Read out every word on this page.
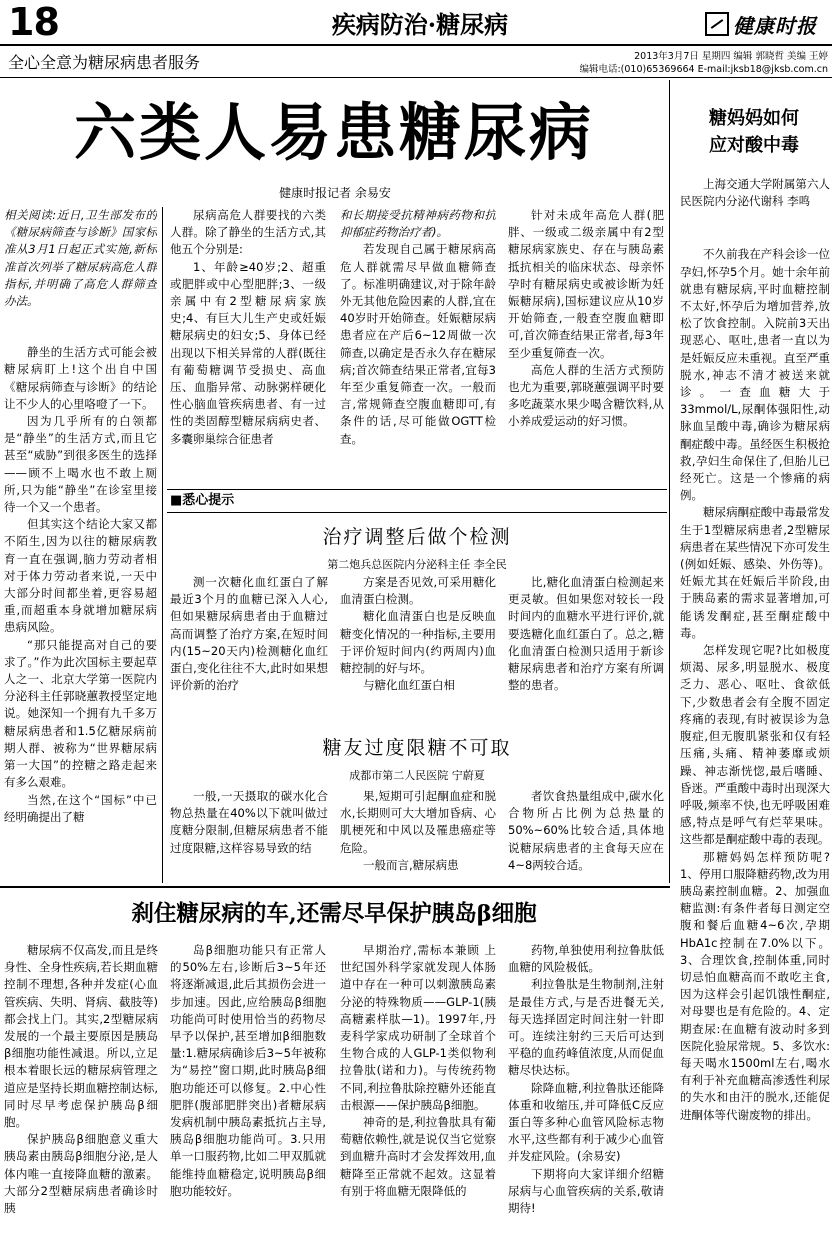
18	疾病防治·糖尿病	健康时报
全心全意为糖尿病患者服务	2013年3月7日 星期四 编辑 郭晓哲 美编 王婷
编辑电话:(010)65369664 E-mail:jksb18@jksb.com.cn
六类人易患糖尿病
健康时报记者 余易安

相关阅读:近日,卫生部发布的《糖尿病筛查与诊断》国家标准从3月1日起正式实施,新标准首次列举了糖尿病高危人群指标,并明确了高危人群筛查办法。

静坐的生活方式可能会被糖尿病盯上!这个出自中国《糖尿病筛查与诊断》的结论让不少人的心里咯噔了一下。

因为几乎所有的白领都是“静坐”的生活方式,而且它甚至“威胁”到很多医生的选择——顾不上喝水也不敢上厕所,只为能“静坐”在诊室里接待一个又一个患者。

但其实这个结论大家又都不陌生,因为以往的糖尿病教育一直在强调,脑力劳动者相对于体力劳动者来说,一天中大部分时间都坐着,更容易超重,而超重本身就增加糖尿病患病风险。

“那只能提高对自己的要求了。”作为此次国标主要起草人之一、北京大学第一医院内分泌科主任郭晓蕙教授坚定地说。她深知一个拥有九千多万糖尿病患者和1.5亿糖尿病前期人群、被称为“世界糖尿病第一大国”的控糖之路走起来有多么艰难。

当然,在这个“国标”中已经明确提出了糖

尿病高危人群要找的六类人群。除了静坐的生活方式,其他五个分别是:

1、年龄≥40岁;2、超重或肥胖或中心型肥胖;3、一级亲属中有2型糖尿病家族史;4、有巨大儿生产史或妊娠糖尿病史的妇女;5、身体已经出现以下相关异常的人群(既往有葡萄糖调节受损史、高血压、血脂异常、动脉粥样硬化性心脑血管疾病患者、有一过性的类固醇型糖尿病病史者、多囊卵巢综合征患者

和长期接受抗精神病药物和抗抑郁症药物治疗者)。

若发现自己属于糖尿病高危人群就需尽早做血糖筛查了。标准明确建议,对于除年龄外无其他危险因素的人群,宜在40岁时开始筛查。妊娠糖尿病患者应在产后6~12周做一次筛查,以确定是否永久存在糖尿病;首次筛查结果正常者,宜每3年至少重复筛查一次。一般而言,常规筛查空腹血糖即可,有条件的话,尽可能做OGTT检查。

针对未成年高危人群(肥胖、一级或二级亲属中有2型糖尿病家族史、存在与胰岛素抵抗相关的临床状态、母亲怀孕时有糖尿病史或被诊断为妊娠糖尿病),国标建议应从10岁开始筛查,一般查空腹血糖即可,首次筛查结果正常者,每3年至少重复筛查一次。

高危人群的生活方式预防也尤为重要,郭晓蕙强调平时要多吃蔬菜水果少喝含糖饮料,从小养成爱运动的好习惯。

糖妈妈如何
应对酸中毒

上海交通大学附属第六人民医院内分泌代谢科 李鸣

不久前我在产科会诊一位孕妇,怀孕5个月。她十余年前就患有糖尿病,平时血糖控制不太好,怀孕后为增加营养,放松了饮食控制。入院前3天出现恶心、呕吐,患者一直以为是妊娠反应未重视。直至严重脱水,神志不清才被送来就诊。一查血糖大于33mmol/L,尿酮体强阳性,动脉血呈酸中毒,确诊为糖尿病酮症酸中毒。虽经医生积极抢救,孕妇生命保住了,但胎儿已经死亡。这是一个惨痛的病例。

糖尿病酮症酸中毒最常发生于1型糖尿病患者,2型糖尿病患者在某些情况下亦可发生(例如妊娠、感染、外伤等)。妊娠尤其在妊娠后半阶段,由于胰岛素的需求显著增加,可能诱发酮症,甚至酮症酸中毒。

怎样发现它呢?比如极度烦渴、尿多,明显脱水、极度乏力、恶心、呕吐、食欲低下,少数患者会有全腹不固定疼痛的表现,有时被误诊为急腹症,但无腹肌紧张和仅有轻压痛,头痛、精神萎靡或烦躁、神志渐恍惚,最后嗜睡、昏迷。严重酸中毒时出现深大呼吸,频率不快,也无呼吸困难感,特点是呼气有烂苹果味。这些都是酮症酸中毒的表现。

那糖妈妈怎样预防呢?1、停用口服降糖药物,改为用胰岛素控制血糖。2、加强血糖监测:有条件者每日测定空腹和餐后血糖4~6次,孕期HbA1c控制在7.0%以下。3、合理饮食,控制体重,同时切忌怕血糖高而不敢吃主食,因为这样会引起饥饿性酮症,对母婴也是有危险的。4、定期查尿:在血糖有波动时多到医院化验尿常规。5、多饮水:每天喝水1500ml左右,喝水有利于补充血糖高渗透性利尿的失水和由汗的脱水,还能促进酮体等代谢废物的排出。

■悉心提示
治疗调整后做个检测
第二炮兵总医院内分泌科主任 李全民

测一次糖化血红蛋白了解最近3个月的血糖已深入人心,但如果糖尿病患者由于血糖过高而调整了治疗方案,在短时间内(15~20天内)检测糖化血红蛋白,变化往往不大,此时如果想评价新的治疗

方案是否见效,可采用糖化血清蛋白检测。

糖化血清蛋白也是反映血糖变化情况的一种指标,主要用于评价短时间内(约两周内)血糖控制的好与坏。

与糖化血红蛋白相

比,糖化血清蛋白检测起来更灵敏。但如果您对较长一段时间内的血糖水平进行评价,就要选糖化血红蛋白了。总之,糖化血清蛋白检测只适用于新诊糖尿病患者和治疗方案有所调整的患者。

糖友过度限糖不可取
成都市第二人民医院 宁蔚夏

一般,一天摄取的碳水化合物总热量在40%以下就叫做过度糖分限制,但糖尿病患者不能过度限糖,这样容易导致的结

果,短期可引起酮血症和脱水,长期则可大大增加昏病、心肌梗死和中风以及罹患癌症等危险。

一般而言,糖尿病患

者饮食热量组成中,碳水化合物所占比例为总热量的50%~60%比较合适,具体地说糖尿病患者的主食每天应在4~8两较合适。

刹住糖尿病的车,还需尽早保护胰岛β细胞

糖尿病不仅高发,而且是终身性、全身性疾病,若长期血糖控制不理想,各种并发症(心血管疾病、失明、肾病、截肢等)都会找上门。其实,2型糖尿病发展的一个最主要原因是胰岛β细胞功能性减退。所以,立足根本着眼长远的糖尿病管理之道应是坚持长期血糖控制达标,同时尽早考虑保护胰岛β细胞。

保护胰岛β细胞意义重大 胰岛素由胰岛β细胞分泌,是人体内唯一直接降血糖的激素。大部分2型糖尿病患者确诊时胰

岛β细胞功能只有正常人的50%左右,诊断后3~5年还将逐渐减退,此后其损伤会进一步加速。因此,应给胰岛β细胞功能尚可时使用恰当的药物尽早予以保护,甚至增加β细胞数量:1.糖尿病确诊后3~5年被称为“易控”窗口期,此时胰岛β细胞功能还可以修复。2.中心性肥胖(腹部肥胖突出)者糖尿病发病机制中胰岛素抵抗占主导,胰岛β细胞功能尚可。3.只用单一口服药物,比如二甲双胍就能维持血糖稳定,说明胰岛β细胞功能较好。

早期治疗,需标本兼顾 上世纪国外科学家就发现人体肠道中存在一种可以刺激胰岛素分泌的特殊物质——GLP-1(胰高糖素样肽—1)。1997年,丹麦科学家成功研制了全球首个生物合成的人GLP-1类似物利拉鲁肽(诺和力)。与传统药物不同,利拉鲁肽除控糖外还能直击根源——保护胰岛β细胞。

神奇的是,利拉鲁肽具有葡萄糖依赖性,就是说仅当它觉察到血糖升高时才会发挥效用,血糖降至正常就不起效。这显着有别于将血糖无限降低的

药物,单独使用利拉鲁肽低血糖的风险极低。

利拉鲁肽是生物制剂,注射是最佳方式,与是否进餐无关,每天选择固定时间注射一针即可。连续注射约三天后可达到平稳的血药峰值浓度,从而促血糖尽快达标。

除降血糖,利拉鲁肽还能降体重和收缩压,并可降低C反应蛋白等多种心血管风险标志物水平,这些都有利于减少心血管并发症风险。(余易安)

下期将向大家详细介绍糖尿病与心血管疾病的关系,敬请期待!
